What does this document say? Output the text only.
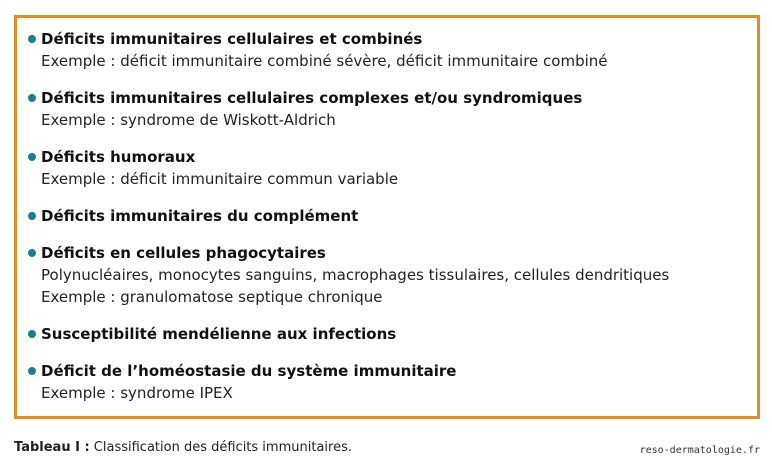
Déficits immunitaires cellulaires et combinés

Exemple : déficit immunitaire combiné sévère, déficit immunitaire combiné

Déficits immunitaires cellulaires complexes et/ou syndromiques

Exemple : syndrome de Wiskott-Aldrich

Déficits humoraux

Exemple : déficit immunitaire commun variable

Déficits immunitaires du complément

Déficits en cellules phagocytaires

Polynucléaires, monocytes sanguins, macrophages tissulaires, cellules dendritiques

Exemple : granulomatose septique chronique

Susceptibilité mendélienne aux infections

Déficit de l’homéostasie du système immunitaire

Exemple : syndrome IPEX

Tableau I : Classification des déficits immunitaires.	reso-dermatologie.fr
